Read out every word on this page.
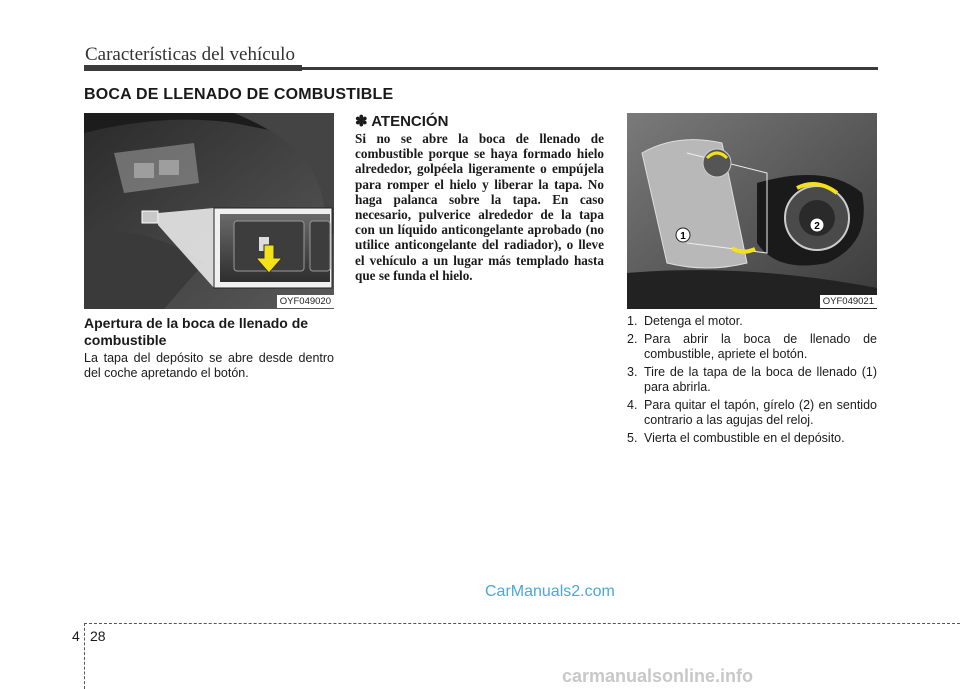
Características del vehículo
BOCA DE LLENADO DE COMBUSTIBLE
OYF049020
1
2
OYF049021
Apertura de la boca de llenado de combustible
La tapa del depósito se abre desde dentro del coche apretando el botón.
✽ ATENCIÓN
Si no se abre la boca de llenado de combustible porque se haya formado hielo alrededor, golpéela ligeramente o empújela para romper el hielo y liberar la tapa. No haga palanca sobre la tapa. En caso necesario, pulverice alrededor de la tapa con un líquido anticongelante aprobado (no utilice anticongelante del radiador), o lleve el vehículo a un lugar más templado hasta que se funda el hielo.
1. Detenga el motor.
2. Para abrir la boca de llenado de combustible, apriete el botón.
3. Tire de la tapa de la boca de llenado (1) para abrirla.
4. Para quitar el tapón, gírelo (2) en sentido contrario a las agujas del reloj.
5. Vierta el combustible en el depósito.
CarManuals2.com
4 28
carmanualsonline.info
